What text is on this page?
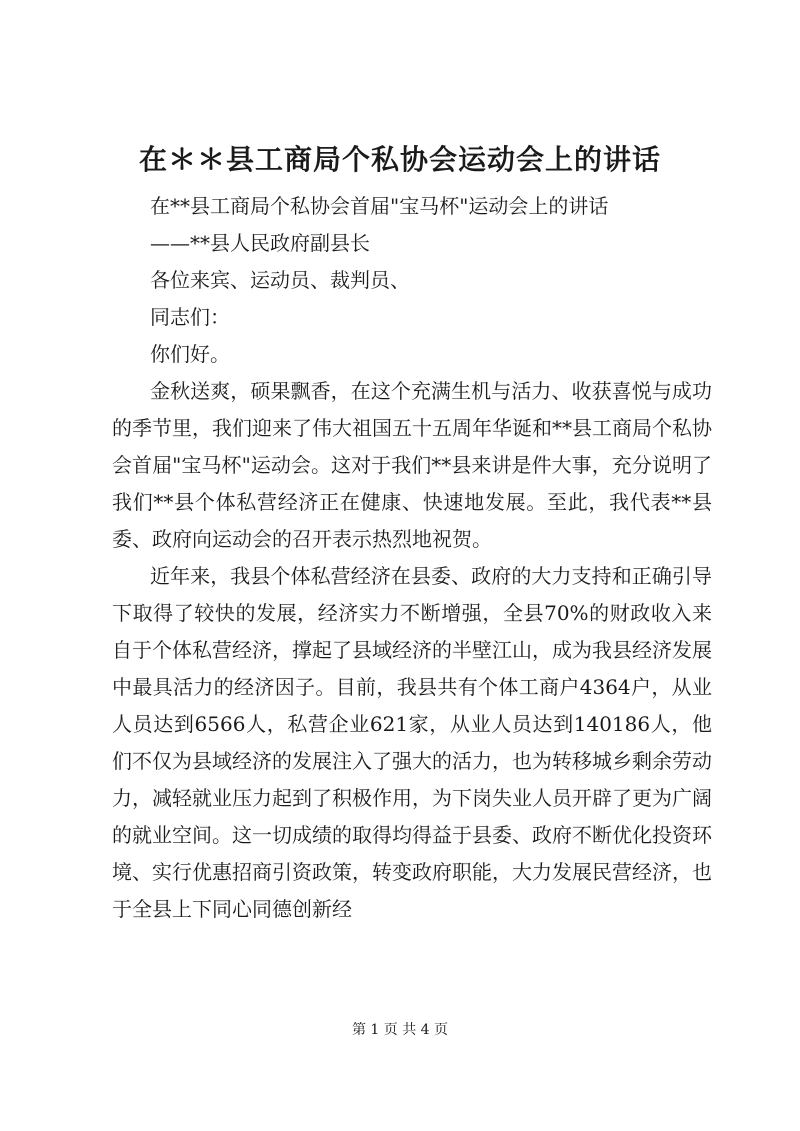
在＊＊县工商局个私协会运动会上的讲话
在**县工商局个私协会首届"宝马杯"运动会上的讲话
——**县人民政府副县长
各位来宾、运动员、裁判员、
同志们：
你们好。

金秋送爽，硕果飘香，在这个充满生机与活力、收获喜悦与成功的季节里，我们迎来了伟大祖国五十五周年华诞和**县工商局个私协会首届"宝马杯"运动会。这对于我们**县来讲是件大事，充分说明了我们**县个体私营经济正在健康、快速地发展。至此，我代表**县委、政府向运动会的召开表示热烈地祝贺。

近年来，我县个体私营经济在县委、政府的大力支持和正确引导下取得了较快的发展，经济实力不断增强，全县70%的财政收入来自于个体私营经济，撑起了县域经济的半壁江山，成为我县经济发展中最具活力的经济因子。目前，我县共有个体工商户4364户，从业人员达到6566人，私营企业621家，从业人员达到140186人，他们不仅为县域经济的发展注入了强大的活力，也为转移城乡剩余劳动力，减轻就业压力起到了积极作用，为下岗失业人员开辟了更为广阔的就业空间。这一切成绩的取得均得益于县委、政府不断优化投资环境、实行优惠招商引资政策，转变政府职能，大力发展民营经济，也于全县上下同心同德创新经

第 1 页 共 4 页
